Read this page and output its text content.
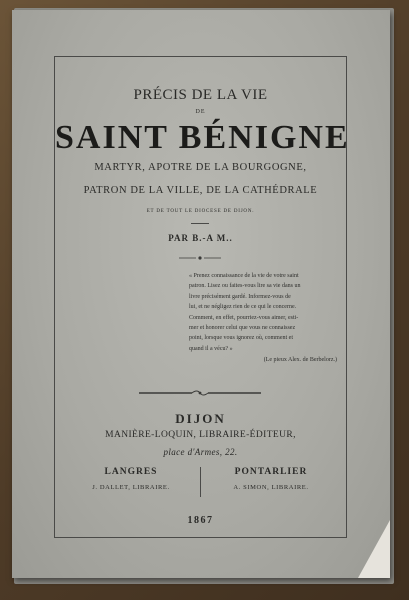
PRÉCIS DE LA VIE
DE
SAINT BÉNIGNE
MARTYR, APOTRE DE LA BOURGOGNE,
PATRON DE LA VILLE, DE LA CATHÉDRALE
ET DE TOUT LE DIOCESE DE DIJON.
PAR B.-A M..

« Prenez connaissance de la vie de votre saint

patron. Lisez ou faites-vous lire sa vie dans un

livre précisément gardé. Informez-vous de

lui, et ne négligez rien de ce qui le concerne.

Comment, en effet, pourriez-vous aimer, esti-

mer et honorer celui que vous ne connaissez

point, lorsque vous ignorez où, comment et

quand il a vécu? »

(Le pieux Alex. de Berbelorz.)

DIJON
MANIÈRE-LOQUIN, LIBRAIRE-ÉDITEUR,
place d'Armes, 22.
LANGRES
J. DALLET, LIBRAIRE.
PONTARLIER
A. SIMON, LIBRAIRE.
1867
